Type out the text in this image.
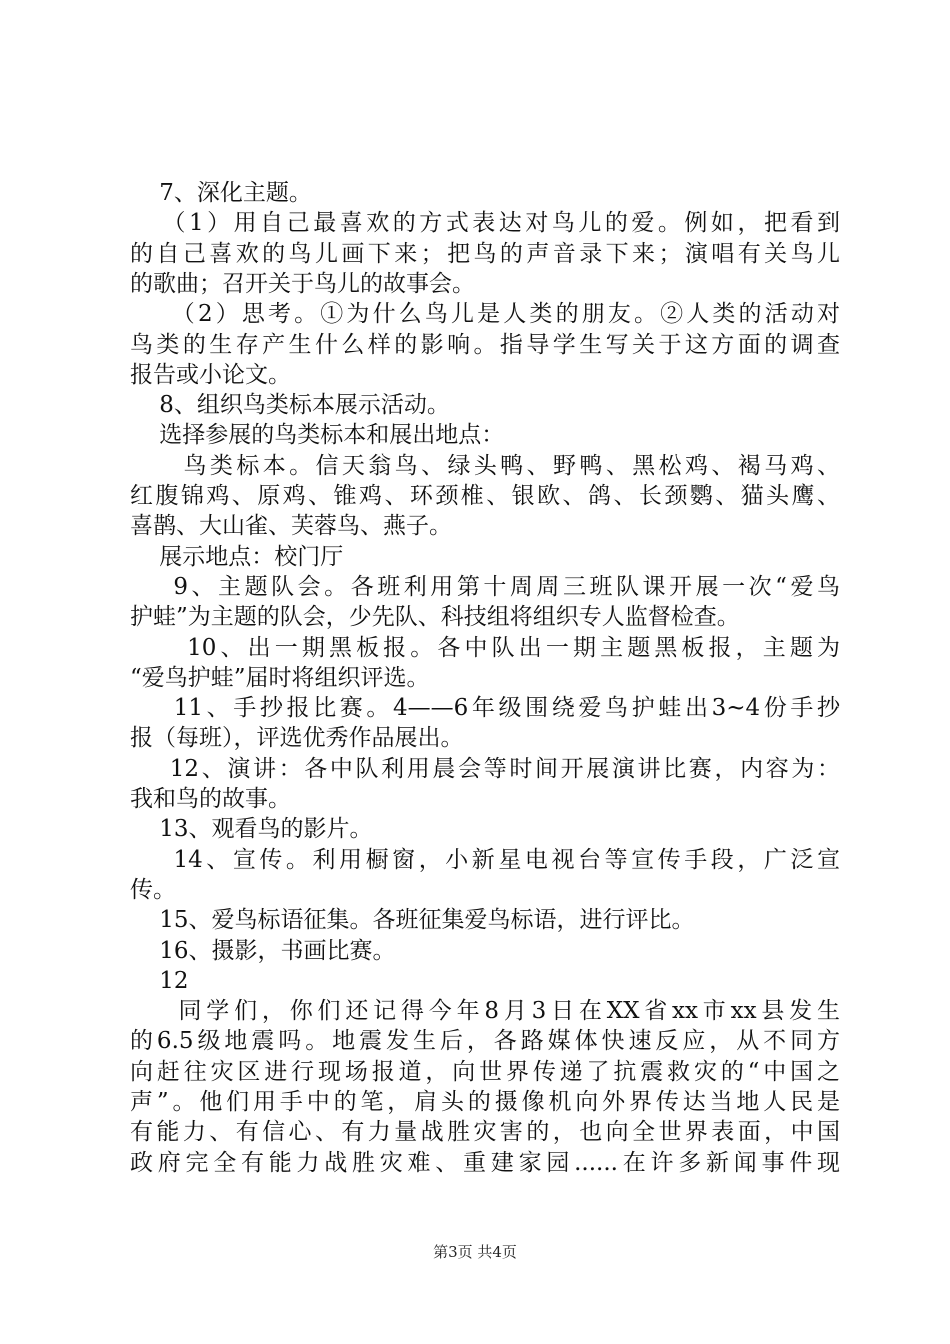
7、深化主题。
（1）用自己最喜欢的方式表达对鸟儿的爱。例如，把看到
的自己喜欢的鸟儿画下来；把鸟的声音录下来；演唱有关鸟儿
的歌曲；召开关于鸟儿的故事会。
（2）思考。①为什么鸟儿是人类的朋友。②人类的活动对
鸟类的生存产生什么样的影响。指导学生写关于这方面的调查
报告或小论文。
8、组织鸟类标本展示活动。
选择参展的鸟类标本和展出地点：
鸟类标本。信天翁鸟、绿头鸭、野鸭、黑松鸡、褐马鸡、
红腹锦鸡、原鸡、锥鸡、环颈椎、银欧、鸽、长颈鹦、猫头鹰、
喜鹊、大山雀、芙蓉鸟、燕子。
展示地点：校门厅
9、主题队会。各班利用第十周周三班队课开展一次“爱鸟
护蛙”为主题的队会，少先队、科技组将组织专人监督检查。
10、出一期黑板报。各中队出一期主题黑板报，主题为
“爱鸟护蛙”届时将组织评选。
11、手抄报比赛。4——6年级围绕爱鸟护蛙出3~4份手抄
报（每班），评选优秀作品展出。
12、演讲：各中队利用晨会等时间开展演讲比赛，内容为：
我和鸟的故事。
13、观看鸟的影片。
14、宣传。利用橱窗，小新星电视台等宣传手段，广泛宣
传。
15、爱鸟标语征集。各班征集爱鸟标语，进行评比。
16、摄影，书画比赛。
12
同学们，你们还记得今年8月3日在XX省xx市xx县发生
的6.5级地震吗。地震发生后，各路媒体快速反应，从不同方
向赶往灾区进行现场报道，向世界传递了抗震救灾的“中国之
声”。他们用手中的笔，肩头的摄像机向外界传达当地人民是
有能力、有信心、有力量战胜灾害的，也向全世界表面，中国
政府完全有能力战胜灾难、重建家园......在许多新闻事件现
第3页 共4页
